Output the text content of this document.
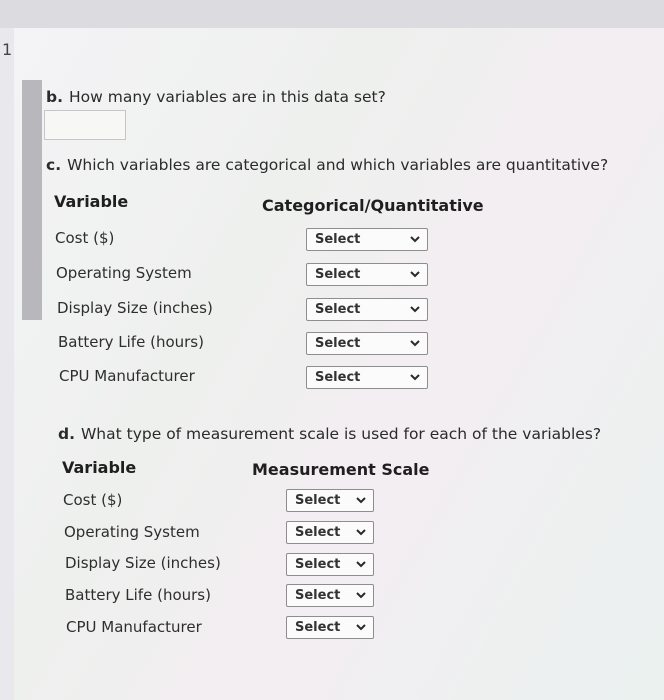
1
b. How many variables are in this data set?
c. Which variables are categorical and which variables are quantitative?
Variable	Categorical/Quantitative
Cost ($)	Select
Operating System	Select
Display Size (inches)	Select
Battery Life (hours)	Select
CPU Manufacturer	Select
d. What type of measurement scale is used for each of the variables?
Variable	Measurement Scale
Cost ($)	Select
Operating System	Select
Display Size (inches)	Select
Battery Life (hours)	Select
CPU Manufacturer	Select
